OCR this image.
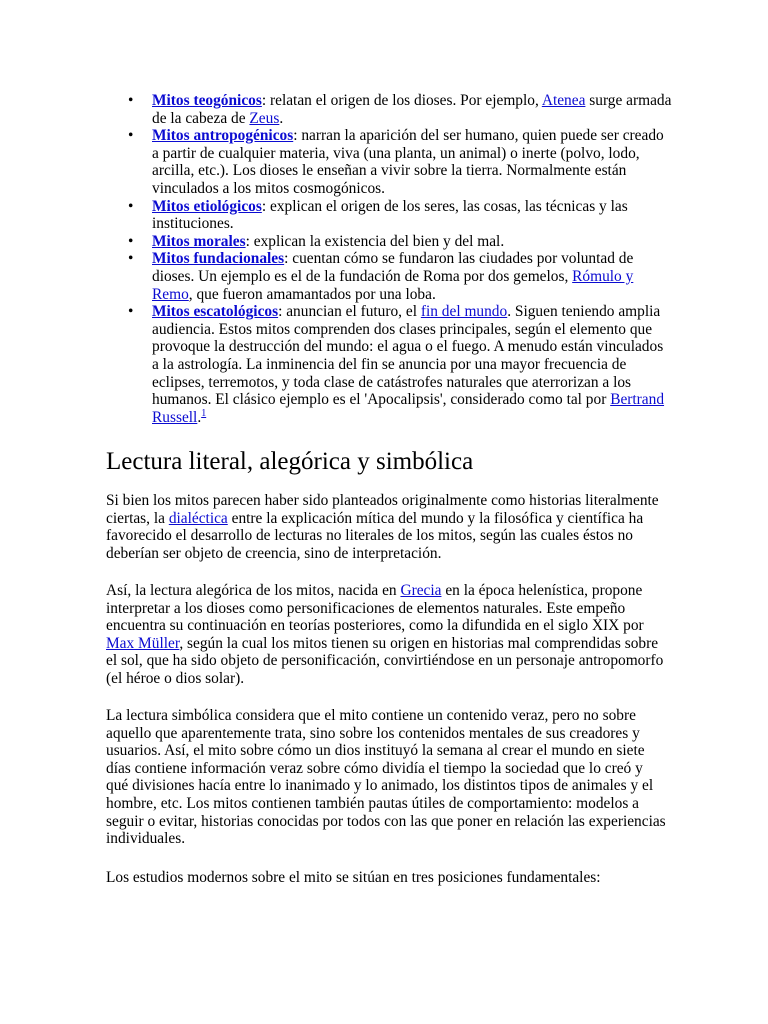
• Mitos teogónicos: relatan el origen de los dioses. Por ejemplo, Atenea surge armada de la cabeza de Zeus.
• Mitos antropogénicos: narran la aparición del ser humano, quien puede ser creado a partir de cualquier materia, viva (una planta, un animal) o inerte (polvo, lodo, arcilla, etc.). Los dioses le enseñan a vivir sobre la tierra. Normalmente están vinculados a los mitos cosmogónicos.
• Mitos etiológicos: explican el origen de los seres, las cosas, las técnicas y las instituciones.
• Mitos morales: explican la existencia del bien y del mal.
• Mitos fundacionales: cuentan cómo se fundaron las ciudades por voluntad de dioses. Un ejemplo es el de la fundación de Roma por dos gemelos, Rómulo y Remo, que fueron amamantados por una loba.
• Mitos escatológicos: anuncian el futuro, el fin del mundo. Siguen teniendo amplia audiencia. Estos mitos comprenden dos clases principales, según el elemento que provoque la destrucción del mundo: el agua o el fuego. A menudo están vinculados a la astrología. La inminencia del fin se anuncia por una mayor frecuencia de eclipses, terremotos, y toda clase de catástrofes naturales que aterrorizan a los humanos. El clásico ejemplo es el 'Apocalipsis', considerado como tal por Bertrand Russell.$^1$
Lectura literal, alegórica y simbólica

Si bien los mitos parecen haber sido planteados originalmente como historias literalmente ciertas, la dialéctica entre la explicación mítica del mundo y la filosófica y científica ha favorecido el desarrollo de lecturas no literales de los mitos, según las cuales éstos no deberían ser objeto de creencia, sino de interpretación.

Así, la lectura alegórica de los mitos, nacida en Grecia en la época helenística, propone interpretar a los dioses como personificaciones de elementos naturales. Este empeño encuentra su continuación en teorías posteriores, como la difundida en el siglo XIX por Max Müller, según la cual los mitos tienen su origen en historias mal comprendidas sobre el sol, que ha sido objeto de personificación, convirtiéndose en un personaje antropomorfo (el héroe o dios solar).

La lectura simbólica considera que el mito contiene un contenido veraz, pero no sobre aquello que aparentemente trata, sino sobre los contenidos mentales de sus creadores y usuarios. Así, el mito sobre cómo un dios instituyó la semana al crear el mundo en siete días contiene información veraz sobre cómo dividía el tiempo la sociedad que lo creó y qué divisiones hacía entre lo inanimado y lo animado, los distintos tipos de animales y el hombre, etc. Los mitos contienen también pautas útiles de comportamiento: modelos a seguir o evitar, historias conocidas por todos con las que poner en relación las experiencias individuales.

Los estudios modernos sobre el mito se sitúan en tres posiciones fundamentales:
